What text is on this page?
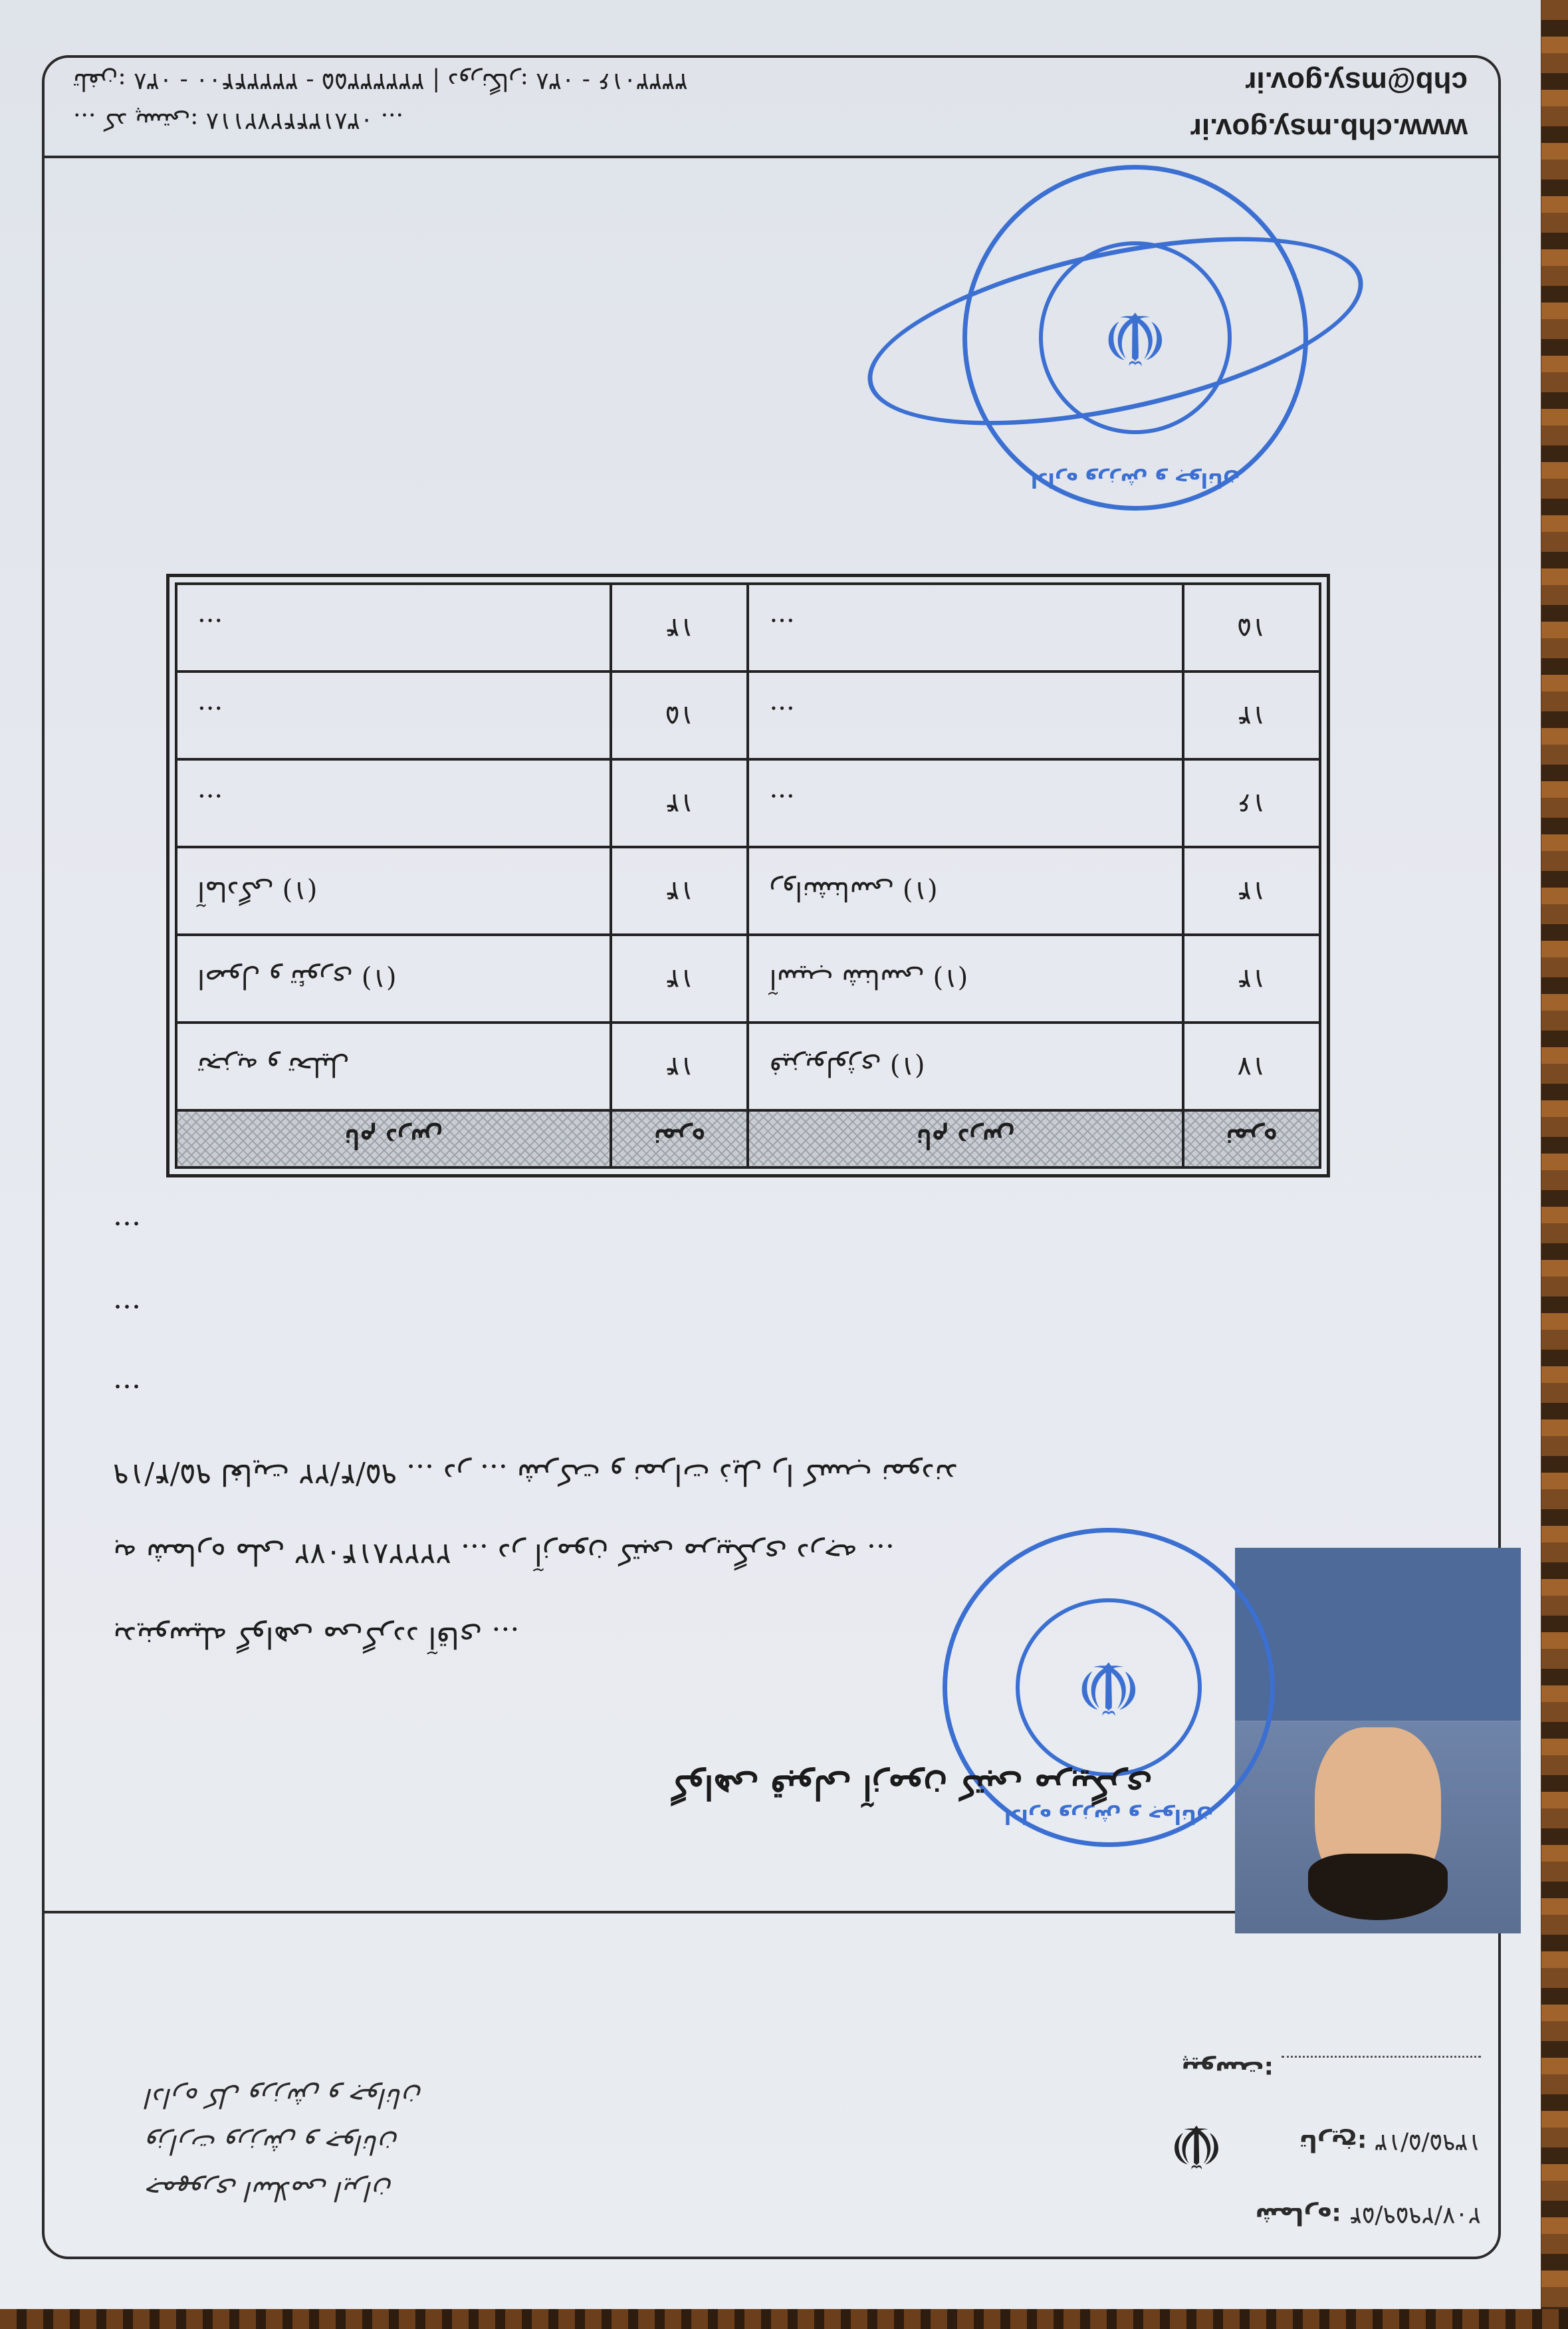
☫
جمهوری اسلامی ایران
وزارت ورزش و جوانان
اداره کل ورزش و جوانان
شماره: ۲۰۷/۲۹۵۹/۵۴
تاریخ: ۱۳۹۵/۵/۱۳
پیوست:
اداره ورزش و جوانان
☫
گواهی قبولی آزمون کتبی مربیگری
بدینوسیله گواهی می‌گردد آقای ...
به شماره ملی ۲۲۲۲۸۱۴۰۷۲ ... در آزمون کتبی مربیگری درجه ...
۹۵/۴/۱۹ لغایت ۹۵/۴/۲۲ ... در ... شرکت و نمرات ذیل را کسب نمودند
...
...
...
نام درس	نمره	نام درس	نمره
تجزیه و تحلیل	۱۴	فیزیولوژی (۱)	۱۷
اصول و تئوری (۱)	۱۴	آسیب شناسی (۱)	۱۴
آمادگی (۱)	۱۴	روانشناسی (۱)	۱۴
...	۱۴	...	۱۶
...	۱۵	...	۱۴
...	۱۴	...	۱۵
اداره ورزش و جوانان
☫
... کد پستی: ۰۳۸۱۳۴۴۲۷۲۱۱۸ ...
تلفن: ۰۳۸ - ۳۳۳۳۴۴۰۰ - ۳۳۳۳۳۳۵۵ | دورنگار: ۰۳۸ - ۳۳۳۳۰۱۶
www.chb.msy.gov.ir
chb@msy.gov.ir
